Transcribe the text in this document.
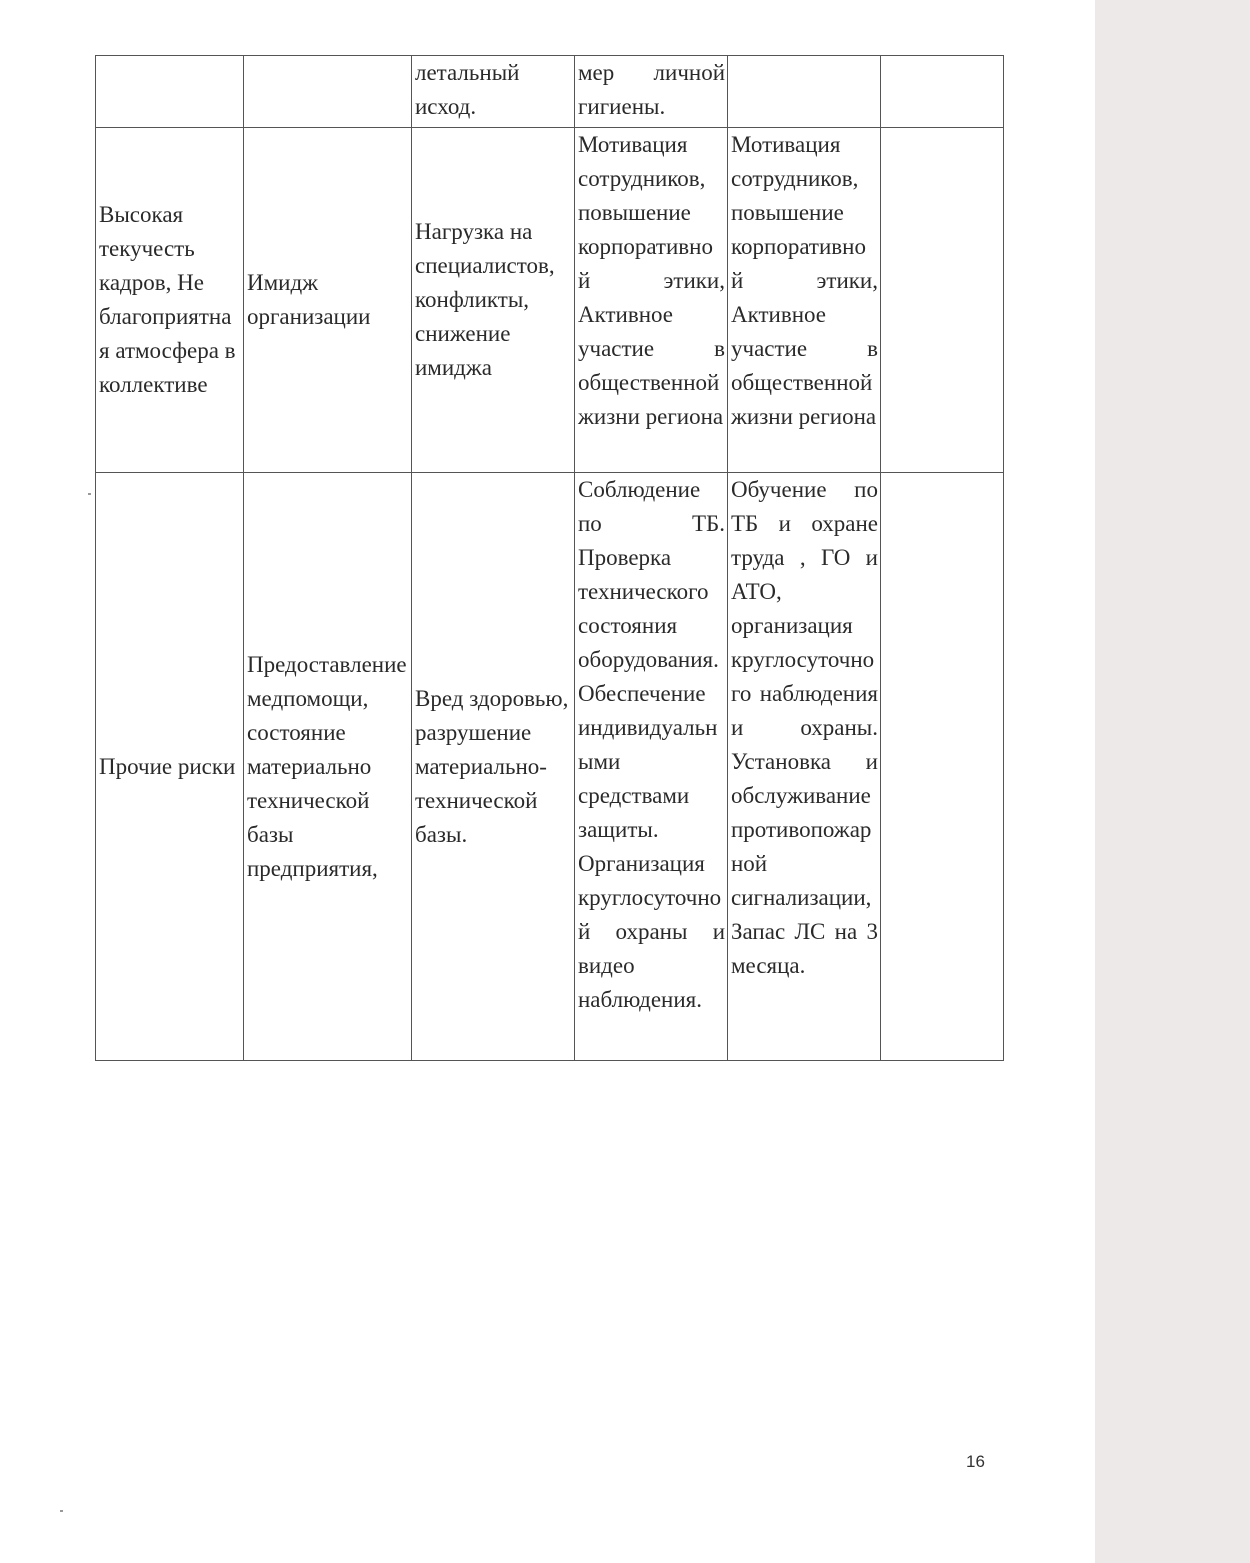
		летальный исход.	мер личной гигиены.		
Высокая текучесть кадров, Не благоприятная атмосфера в коллективе	Имидж организации	Нагрузка на специалистов, конфликты, снижение имиджа	Мотивация сотрудников, повышение корпоративной этики, Активное участие в общественной жизни региона	Мотивация сотрудников, повышение корпоративной этики, Активное участие в общественной жизни региона	
Прочие риски	Предоставление медпомощи, состояние материально технической базы предприятия,	Вред здоровью, разрушение материально-технической базы.	Соблюдение по ТБ. Проверка технического состояния оборудования. Обеспечение индивидуальными средствами защиты. Организация круглосуточной охраны и видео наблюдения.	Обучение по ТБ и охране труда , ГО и АТО, организация круглосуточного наблюдения и охраны. Установка и обслуживание противопожарной сигнализации, Запас ЛС на 3 месяца.	
16
